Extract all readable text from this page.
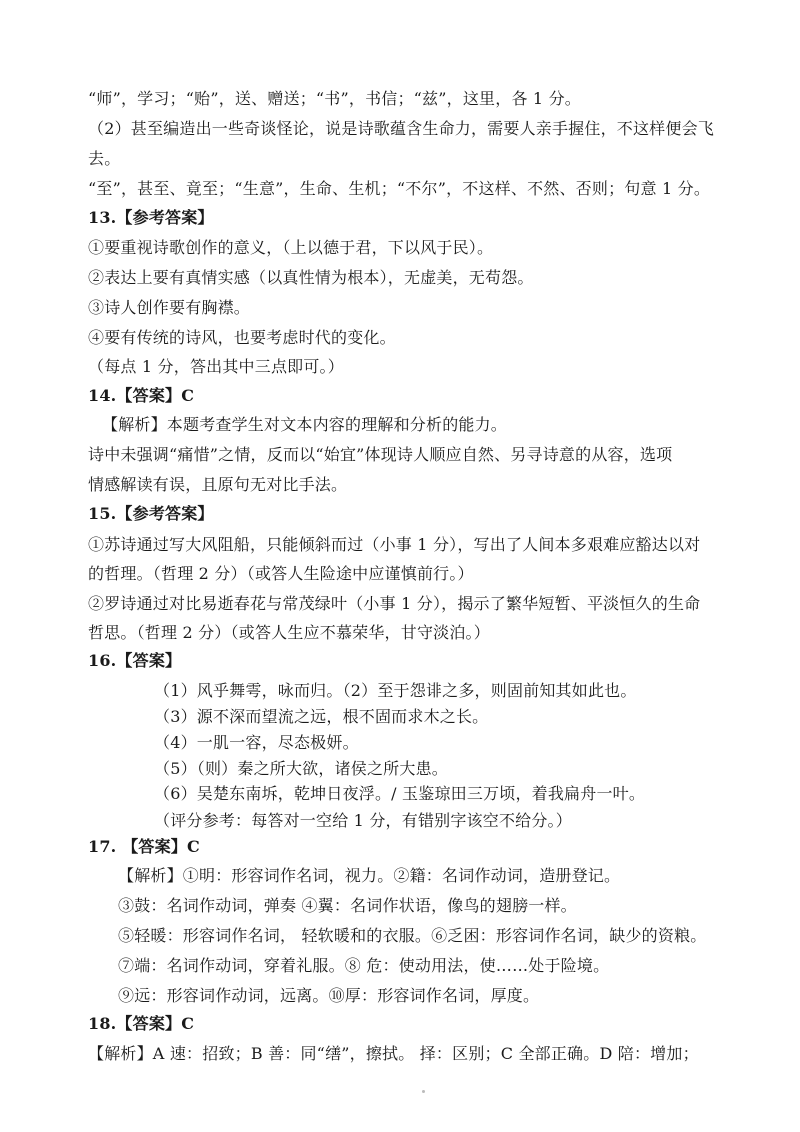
“师”，学习；“贻”，送、赠送；“书”，书信；“兹”，这里，各 1 分。
（2）甚至编造出一些奇谈怪论，说是诗歌蕴含生命力，需要人亲手握住，不这样便会飞
去。
“至”，甚至、竟至；“生意”，生命、生机；“不尔”，不这样、不然、否则；句意 1 分。
13.【参考答案】
①要重视诗歌创作的意义，（上以德于君，下以风于民）。
②表达上要有真情实感（以真性情为根本），无虚美，无苟怨。
③诗人创作要有胸襟。
④要有传统的诗风，也要考虑时代的变化。
（每点 1 分，答出其中三点即可。）
14.【答案】C
【解析】本题考查学生对文本内容的理解和分析的能力。
诗中未强调“痛惜”之情，反而以“始宜”体现诗人顺应自然、另寻诗意的从容，选项
情感解读有误，且原句无对比手法。
15.【参考答案】
①苏诗通过写大风阻船，只能倾斜而过（小事 1 分），写出了人间本多艰难应豁达以对
的哲理。（哲理 2 分）（或答人生险途中应谨慎前行。）
②罗诗通过对比易逝春花与常茂绿叶（小事 1 分），揭示了繁华短暂、平淡恒久的生命
哲思。（哲理 2 分）（或答人生应不慕荣华，甘守淡泊。）
16.【答案】
（1）风乎舞雩，咏而归。（2）至于怨诽之多，则固前知其如此也。
（3）源不深而望流之远，根不固而求木之长。
（4）一肌一容，尽态极妍。
（5）（则）秦之所大欲，诸侯之所大患。
（6）吴楚东南坼，乾坤日夜浮。/ 玉鉴琼田三万顷，着我扁舟一叶。
（评分参考：每答对一空给 1 分，有错别字该空不给分。）
17. 【答案】C
【解析】①明：形容词作名词，视力。②籍：名词作动词，造册登记。
③鼓：名词作动词，弹奏 ④翼：名词作状语，像鸟的翅膀一样。
⑤轻暖：形容词作名词， 轻软暖和的衣服。⑥乏困：形容词作名词，缺少的资粮。
⑦端：名词作动词，穿着礼服。⑧ 危：使动用法，使……处于险境。
⑨远：形容词作动词，远离。⑩厚：形容词作名词，厚度。
18.【答案】C
【解析】A 速：招致；B 善：同“缮”，擦拭。 择：区别；C 全部正确。D 陪：增加；
